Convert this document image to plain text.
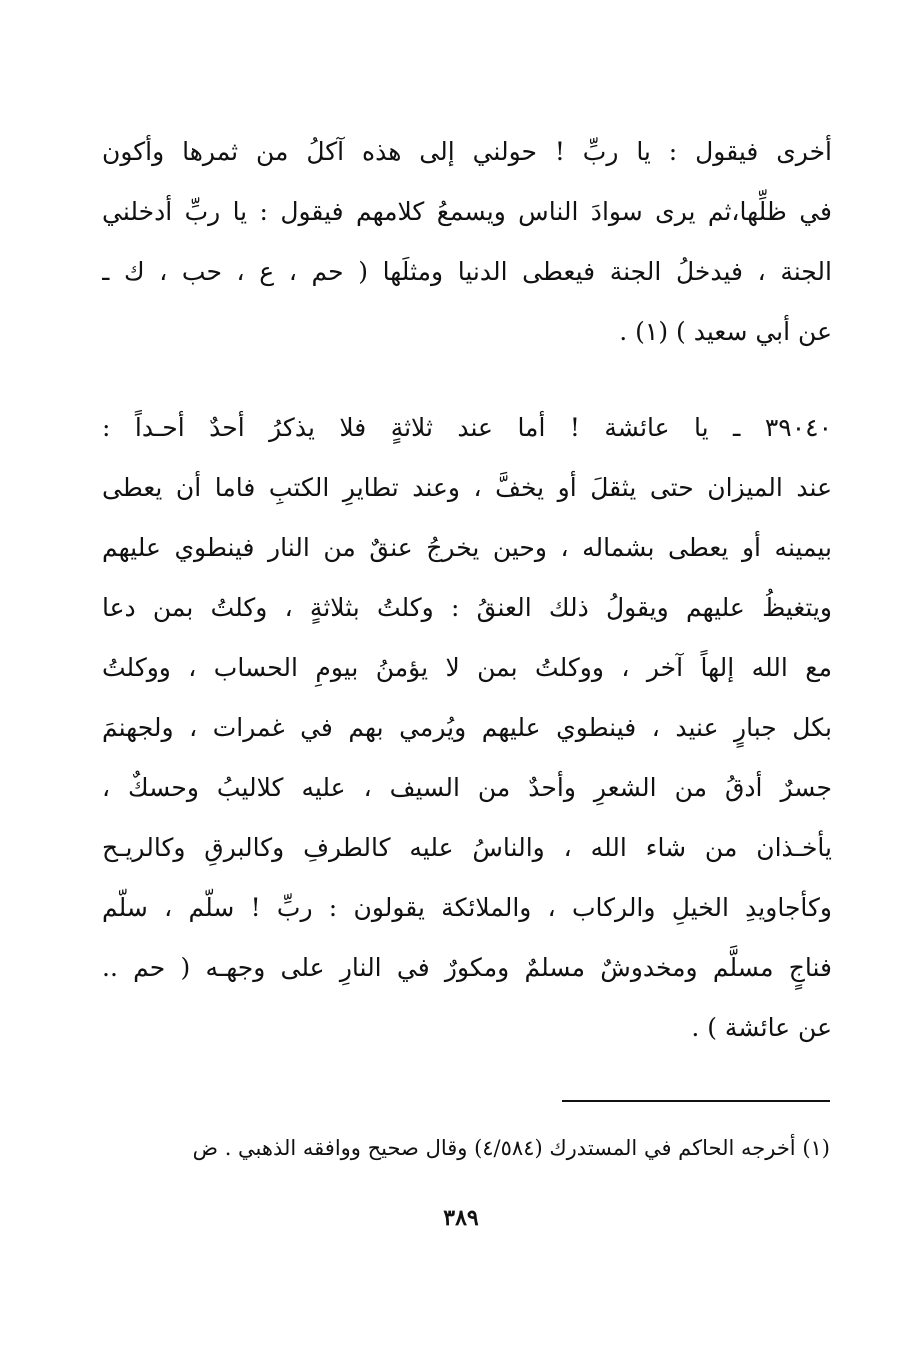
أخرى فيقول : يا ربِّ ! حولني إلى هذه آكلُ من ثمرها وأكون
في ظلِّها،ثم يرى سوادَ الناس ويسمعُ كلامهم فيقول : يا ربِّ أدخلني
الجنة ، فيدخلُ الجنة فيعطى الدنيا ومثلَها ( حم ، ع ، حب ، ك ـ
عن أبي سعيد ) (١) .
٣٩٠٤٠ ـ يا عائشة ! أما عند ثلاثةٍ فلا يذكرُ أحدٌ أحـداً :
عند الميزان حتى يثقلَ أو يخفَّ ، وعند تطايرِ الكتبِ فاما أن يعطى
بيمينه أو يعطى بشماله ، وحين يخرجُ عنقٌ من النار فينطوي عليهم
ويتغيظُ عليهم ويقولُ ذلك العنقُ : وكلتُ بثلاثةٍ ، وكلتُ بمن دعا
مع الله إلهاً آخر ، ووكلتُ بمن لا يؤمنُ بيومِ الحساب ، ووكلتُ
بكل جبارٍ عنيد ، فينطوي عليهم ويُرمي بهم في غمرات ، ولجهنمَ
جسرٌ أدقُ من الشعرِ وأحدٌ من السيف ، عليه كلاليبُ وحسكٌ ،
يأخـذان من شاء الله ، والناسُ عليه كالطرفِ وكالبرقِ وكالريـح
وكأجاويدِ الخيلِ والركاب ، والملائكة يقولون : ربِّ ! سلّم ، سلّم
فناجٍ مسلَّم ومخدوشٌ مسلمٌ ومكورٌ في النارِ على وجهـه ( حم ..
عن عائشة ) .
(١) أخرجه الحاكم في المستدرك (٤/٥٨٤) وقال صحيح ووافقه الذهبي . ض
٣٨٩
